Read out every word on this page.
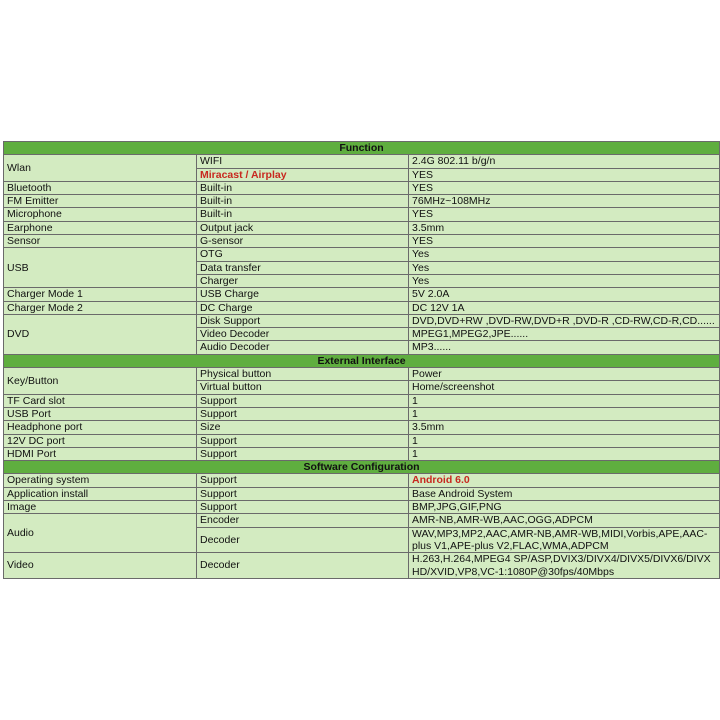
Function		
Wlan	WIFI	2.4G 802.11 b/g/n
	Miracast / Airplay	YES
Bluetooth	Built-in	YES
FM Emitter	Built-in	76MHz~108MHz
Microphone	Built-in	YES
Earphone	Output jack	3.5mm
Sensor	G-sensor	YES
USB	OTG	Yes
	Data transfer	Yes
	Charger	Yes
Charger Mode 1	USB Charge	5V 2.0A
Charger Mode 2	DC Charge	DC 12V 1A
DVD	Disk Support	DVD,DVD+RW ,DVD-RW,DVD+R ,DVD-R ,CD-RW,CD-R,CD......
	Video Decoder	MPEG1,MPEG2,JPE......
	Audio Decoder	MP3......
External Interface		
Key/Button	Physical button	Power
	Virtual button	Home/screenshot
TF Card slot	Support	1
USB Port	Support	1
Headphone port	Size	3.5mm
12V DC port	Support	1
HDMI Port	Support	1
Software Configuration		
Operating system	Support	Android 6.0
Application install	Support	Base Android System
Image	Support	BMP,JPG,GIF,PNG
Audio	Encoder	AMR-NB,AMR-WB,AAC,OGG,ADPCM
	Decoder	WAV,MP3,MP2,AAC,AMR-NB,AMR-WB,MIDI,Vorbis,APE,AAC-plus V1,APE-plus V2,FLAC,WMA,ADPCM
Video	Decoder	H.263,H.264,MPEG4 SP/ASP,DVIX3/DIVX4/DIVX5/DIVX6/DIVX HD/XVID,VP8,VC-1:1080P@30fps/40Mbps
